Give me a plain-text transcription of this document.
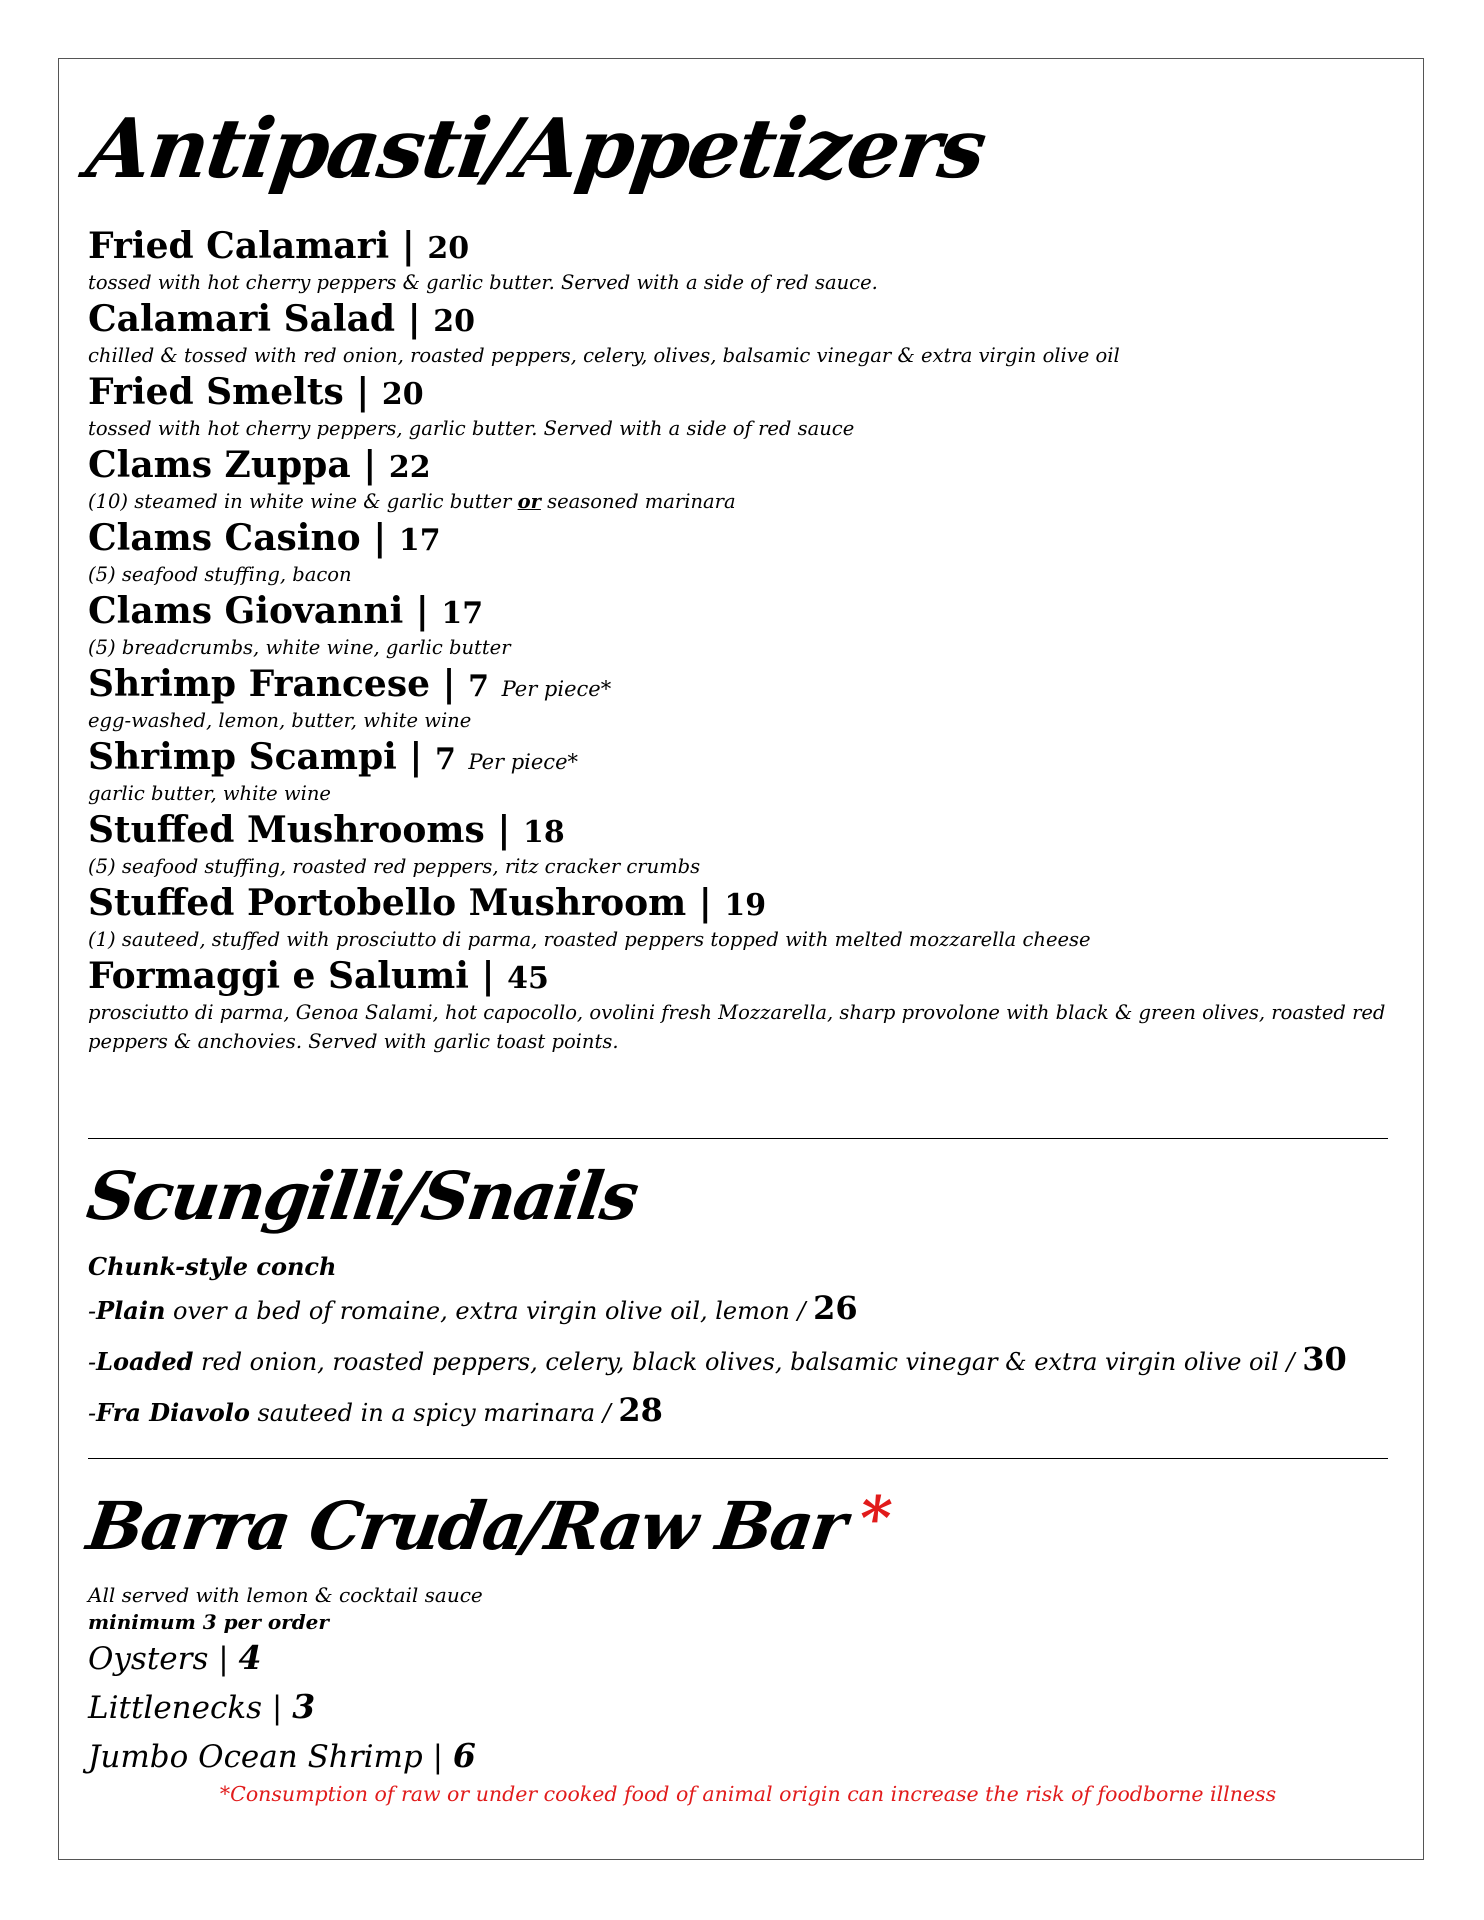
Antipasti/Appetizers
Fried Calamari | 20
tossed with hot cherry peppers & garlic butter. Served with a side of red sauce.
Calamari Salad | 20
chilled & tossed with red onion, roasted peppers, celery, olives, balsamic vinegar & extra virgin olive oil
Fried Smelts | 20
tossed with hot cherry peppers, garlic butter. Served with a side of red sauce
Clams Zuppa | 22
(10) steamed in white wine & garlic butter or seasoned marinara
Clams Casino | 17
(5) seafood stuffing, bacon
Clams Giovanni | 17
(5) breadcrumbs, white wine, garlic butter
Shrimp Francese | 7 Per piece*
egg-washed, lemon, butter, white wine
Shrimp Scampi | 7 Per piece*
garlic butter, white wine
Stuffed Mushrooms | 18
(5) seafood stuffing, roasted red peppers, ritz cracker crumbs
Stuffed Portobello Mushroom | 19
(1) sauteed, stuffed with prosciutto di parma, roasted peppers topped with melted mozzarella cheese
Formaggi e Salumi | 45
prosciutto di parma, Genoa Salami, hot capocollo, ovolini fresh Mozzarella, sharp provolone with black & green olives, roasted red peppers & anchovies. Served with garlic toast points.
Scungilli/Snails
Chunk-style conch
-Plain over a bed of romaine, extra virgin olive oil, lemon / 26
-Loaded red onion, roasted peppers, celery, black olives, balsamic vinegar & extra virgin olive oil / 30
-Fra Diavolo sauteed in a spicy marinara / 28
Barra Cruda/Raw Bar*
All served with lemon & cocktail sauce
minimum 3 per order
Oysters | 4
Littlenecks | 3
Jumbo Ocean Shrimp | 6
*Consumption of raw or under cooked food of animal origin can increase the risk of foodborne illness
